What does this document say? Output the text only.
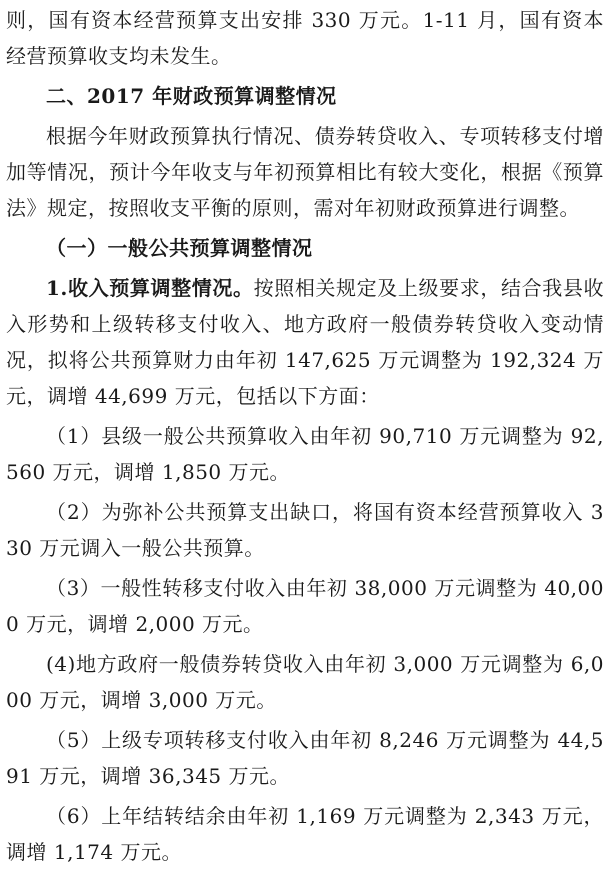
则，国有资本经营预算支出安排 330 万元。1-11 月，国有资本经营预算收支均未发生。

二、2017 年财政预算调整情况

根据今年财政预算执行情况、债券转贷收入、专项转移支付增加等情况，预计今年收支与年初预算相比有较大变化，根据《预算法》规定，按照收支平衡的原则，需对年初财政预算进行调整。

（一）一般公共预算调整情况

1.收入预算调整情况。按照相关规定及上级要求，结合我县收入形势和上级转移支付收入、地方政府一般债券转贷收入变动情况，拟将公共预算财力由年初 147,625 万元调整为 192,324 万元，调增 44,699 万元，包括以下方面：

（1）县级一般公共预算收入由年初 90,710 万元调整为 92,560 万元，调增 1,850 万元。

（2）为弥补公共预算支出缺口，将国有资本经营预算收入 330 万元调入一般公共预算。

（3）一般性转移支付收入由年初 38,000 万元调整为 40,000 万元，调增 2,000 万元。

(4)地方政府一般债券转贷收入由年初 3,000 万元调整为 6,000 万元，调增 3,000 万元。

（5）上级专项转移支付收入由年初 8,246 万元调整为 44,591 万元，调增 36,345 万元。

（6）上年结转结余由年初 1,169 万元调整为 2,343 万元，调增 1,174 万元。
